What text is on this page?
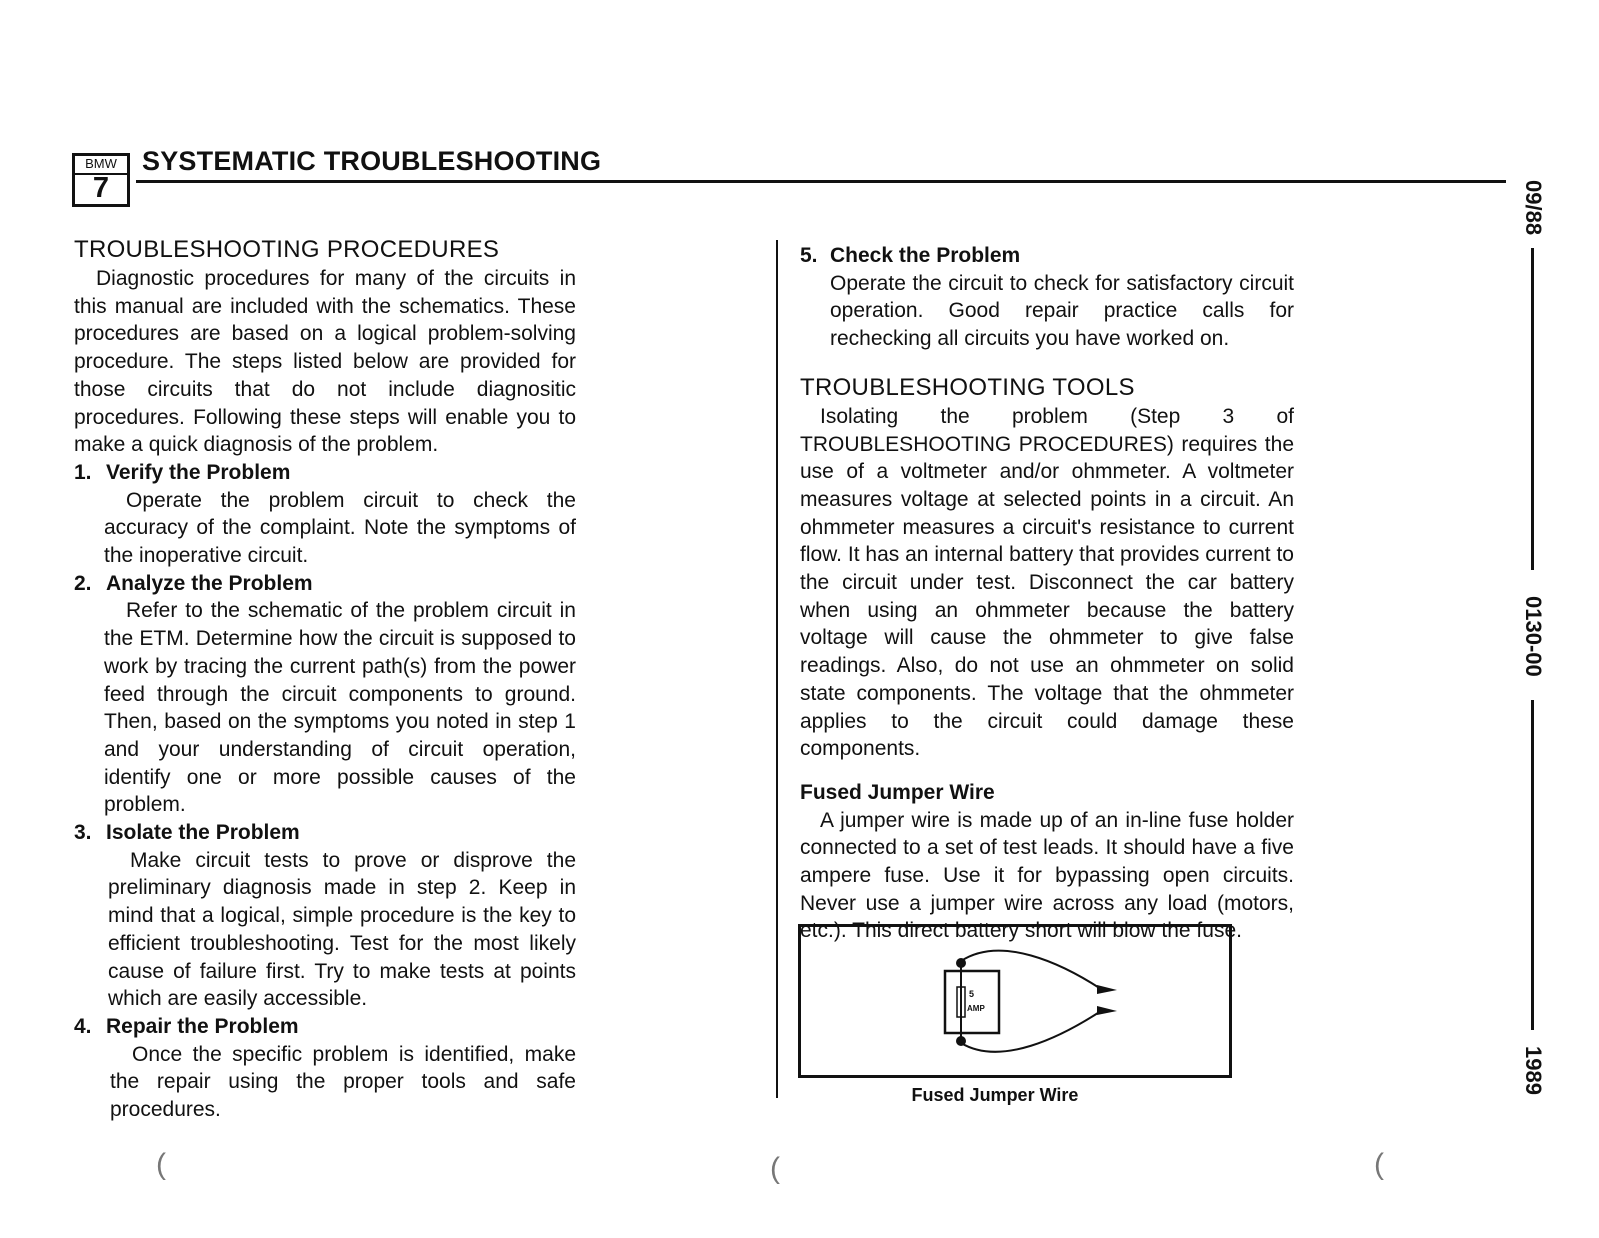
BMW
7
SYSTEMATIC TROUBLESHOOTING
09/88
0130-00
1989
TROUBLESHOOTING PROCEDURES
Diagnostic procedures for many of the circuits in this manual are included with the schematics. These procedures are based on a logical problem-solving procedure. The steps listed below are provided for those circuits that do not include diagnositic procedures. Following these steps will enable you to make a quick diagnosis of the problem.
1. Verify the Problem
Operate the problem circuit to check the accuracy of the complaint. Note the symptoms of the inoperative circuit.
2. Analyze the Problem
Refer to the schematic of the problem circuit in the ETM. Determine how the circuit is supposed to work by tracing the current path(s) from the power feed through the circuit components to ground. Then, based on the symptoms you noted in step 1 and your understanding of circuit operation, identify one or more possible causes of the problem.
3. Isolate the Problem
Make circuit tests to prove or disprove the preliminary diagnosis made in step 2. Keep in mind that a logical, simple procedure is the key to efficient troubleshooting. Test for the most likely cause of failure first. Try to make tests at points which are easily accessible.
4. Repair the Problem
Once the specific problem is identified, make the repair using the proper tools and safe procedures.
5. Check the Problem
Operate the circuit to check for satisfactory circuit operation. Good repair practice calls for rechecking all circuits you have worked on.
TROUBLESHOOTING TOOLS
Isolating the problem (Step 3 of TROUBLESHOOTING PROCEDURES) requires the use of a voltmeter and/or ohmmeter. A voltmeter measures voltage at selected points in a circuit. An ohmmeter measures a circuit's resistance to current flow. It has an internal battery that provides current to the circuit under test. Disconnect the car battery when using an ohmmeter because the battery voltage will cause the ohmmeter to give false readings. Also, do not use an ohmmeter on solid state components. The voltage that the ohmmeter applies to the circuit could damage these components.
Fused Jumper Wire
A jumper wire is made up of an in-line fuse holder connected to a set of test leads. It should have a five ampere fuse. Use it for bypassing open circuits. Never use a jumper wire across any load (motors, etc.). This direct battery short will blow the fuse.
5
AMP
Fused Jumper Wire
(	(	(
